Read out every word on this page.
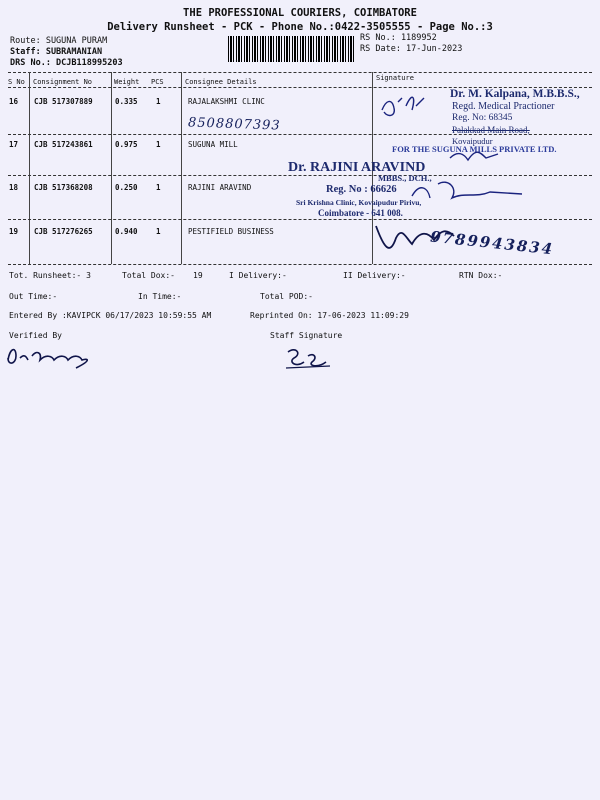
THE PROFESSIONAL COURIERS, COIMBATORE
Delivery Runsheet - PCK - Phone No.:0422-3505555 - Page No.:3
Route: SUGUNA PURAM
Staff: SUBRAMANIAN
DRS No.: DCJB118995203
RS No.: 1189952
RS Date: 17-Jun-2023
S No Consignment No	Weight PCS	Consignee Details	Signature
16 CJB 517307889	0.335 1	RAJALAKSHMI CLINC
17 CJB 517243861	0.975 1	SUGUNA MILL
18 CJB 517368208	0.250 1	RAJINI ARAVIND
19 CJB 517276265	0.940 1	PESTIFIELD BUSINESS
8508807393
9789943834
Dr. M. Kalpana, M.B.B.S.,
Regd. Medical Practioner
Reg. No: 68345
Palakkad Main Road,
Kovaipudur
FOR THE SUGUNA MILLS PRIVATE LTD.
Dr. RAJINI ARAVIND
MBBS., DCH.,
Reg. No : 66626
Sri Krishna Clinic, Kovaipudur Pirivu,
Coimbatore - 641 008.
Tot. Runsheet:- 3	Total Dox:- 19	I Delivery:-	II Delivery:-	RTN Dox:-
Out Time:-	In Time:-	Total POD:-
Entered By :KAVIPCK 06/17/2023 10:59:55 AM	Reprinted On: 17-06-2023 11:09:29
Verified By	Staff Signature
